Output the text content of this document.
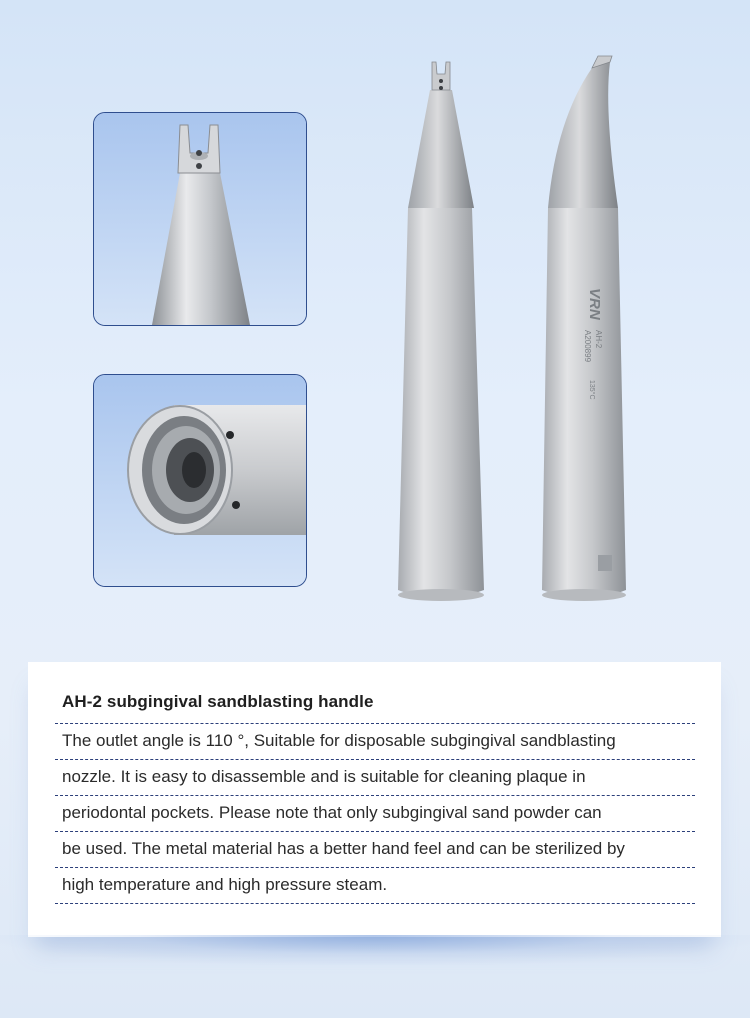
VRN
AH-2
A200899
135°C
AH-2 subgingival sandblasting handle
The outlet angle is 110 °, Suitable for disposable subgingival sandblasting
nozzle. It is easy to disassemble and is suitable for cleaning plaque in
periodontal pockets. Please note that only subgingival sand powder can
be used. The metal material has a better hand feel and can be sterilized by
high temperature and high pressure steam.
